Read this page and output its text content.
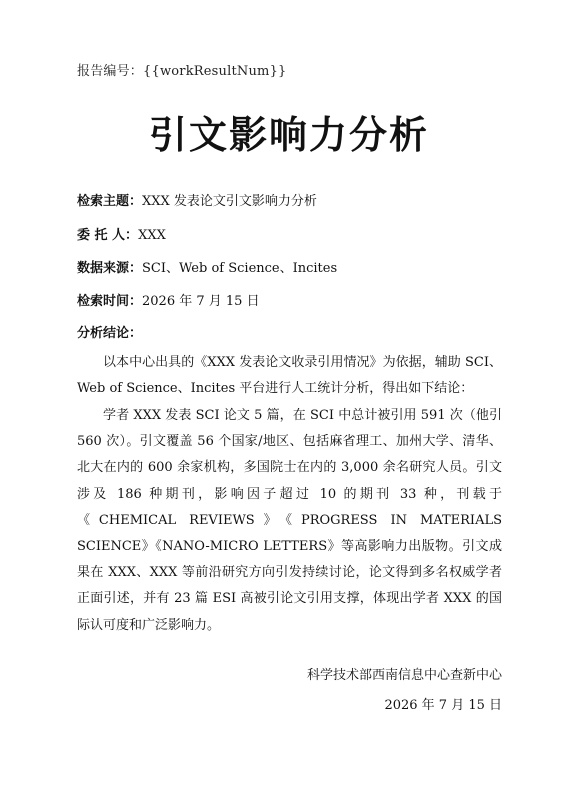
报告编号：{{workResultNum}}
引文影响力分析
检索主题：XXX 发表论文引文影响力分析
委 托 人：XXX
数据来源：SCI、Web of Science、Incites
检索时间：2026 年 7 月 15 日
分析结论：
以本中心出具的《XXX 发表论文收录引用情况》为依据，辅助 SCI、Web of Science、Incites 平台进行人工统计分析，得出如下结论：
学者 XXX 发表 SCI 论文 5 篇，在 SCI 中总计被引用 591 次（他引 560 次）。引文覆盖 56 个国家/地区、包括麻省理工、加州大学、清华、北大在内的 600 余家机构，多国院士在内的 3,000 余名研究人员。引文涉及 186 种期刊，影响因子超过 10 的期刊 33 种，刊载于《CHEMICAL REVIEWS》《PROGRESS IN MATERIALS SCIENCE》《NANO-MICRO LETTERS》等高影响力出版物。引文成果在 XXX、XXX 等前沿研究方向引发持续讨论，论文得到多名权威学者正面引述，并有 23 篇 ESI 高被引论文引用支撑，体现出学者 XXX 的国际认可度和广泛影响力。
科学技术部西南信息中心查新中心
2026 年 7 月 15 日
